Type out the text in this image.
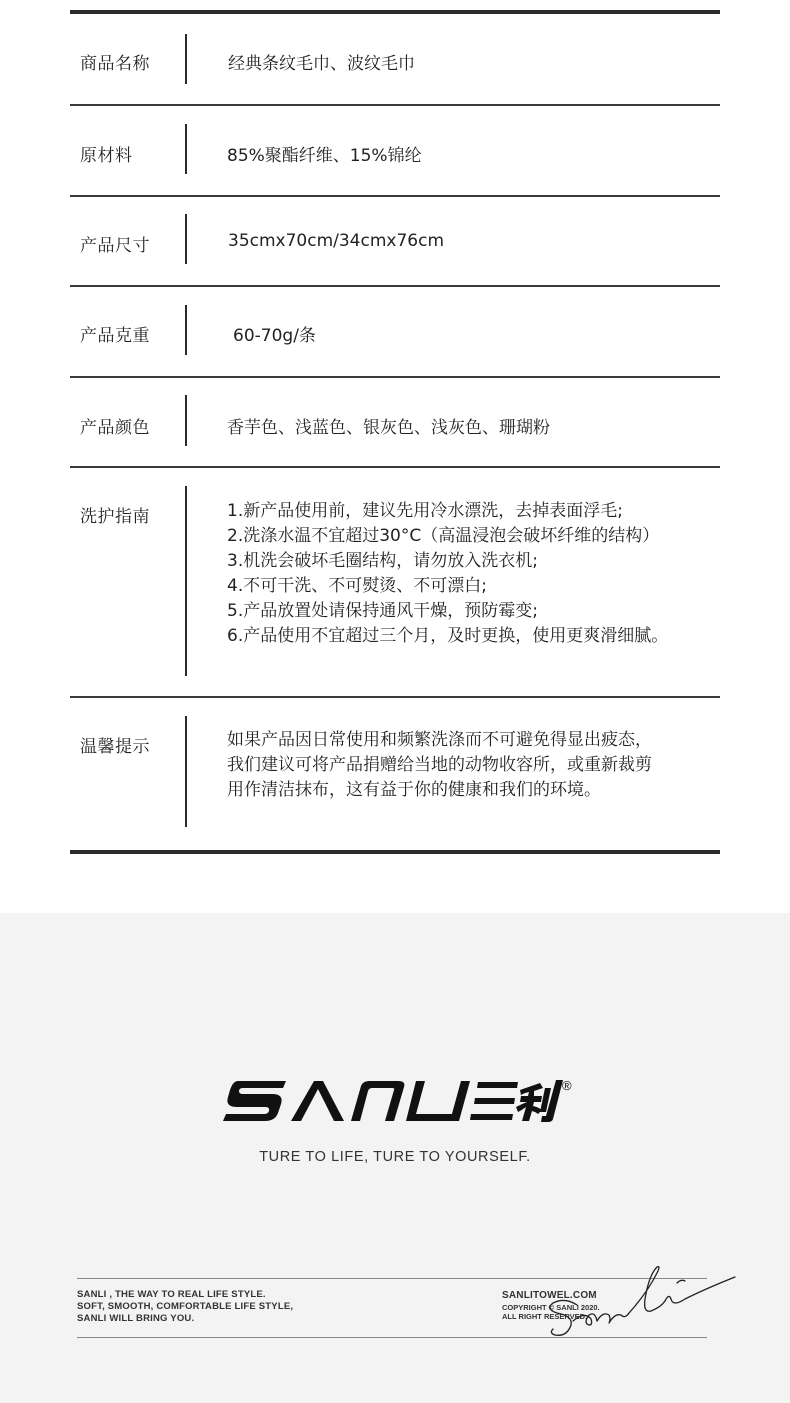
商品名称	经典条纹毛巾、波纹毛巾
原材料	85%聚酯纤维、15%锦纶
产品尺寸	35cmx70cm/34cmx76cm
产品克重	60-70g/条
产品颜色	香芋色、浅蓝色、银灰色、浅灰色、珊瑚粉
洗护指南	1.新产品使用前，建议先用冷水漂洗，去掉表面浮毛;
2.洗涤水温不宜超过30°C（高温浸泡会破坏纤维的结构）
3.机洗会破坏毛圈结构，请勿放入洗衣机;
4.不可干洗、不可熨烫、不可漂白;
5.产品放置处请保持通风干燥，预防霉变;
6.产品使用不宜超过三个月，及时更换，使用更爽滑细腻。
温馨提示	如果产品因日常使用和频繁洗涤而不可避免得显出疲态，
我们建议可将产品捐赠给当地的动物收容所，或重新裁剪
用作清洁抹布，这有益于你的健康和我们的环境。
®
TURE TO LIFE, TURE TO YOURSELF.
SANLI , THE WAY TO REAL LIFE STYLE.
SOFT, SMOOTH, COMFORTABLE LIFE STYLE,
SANLI WILL BRING YOU.
SANLITOWEL.COM
COPYRIGHT © SANLI 2020.
ALL RIGHT RESERVED.
